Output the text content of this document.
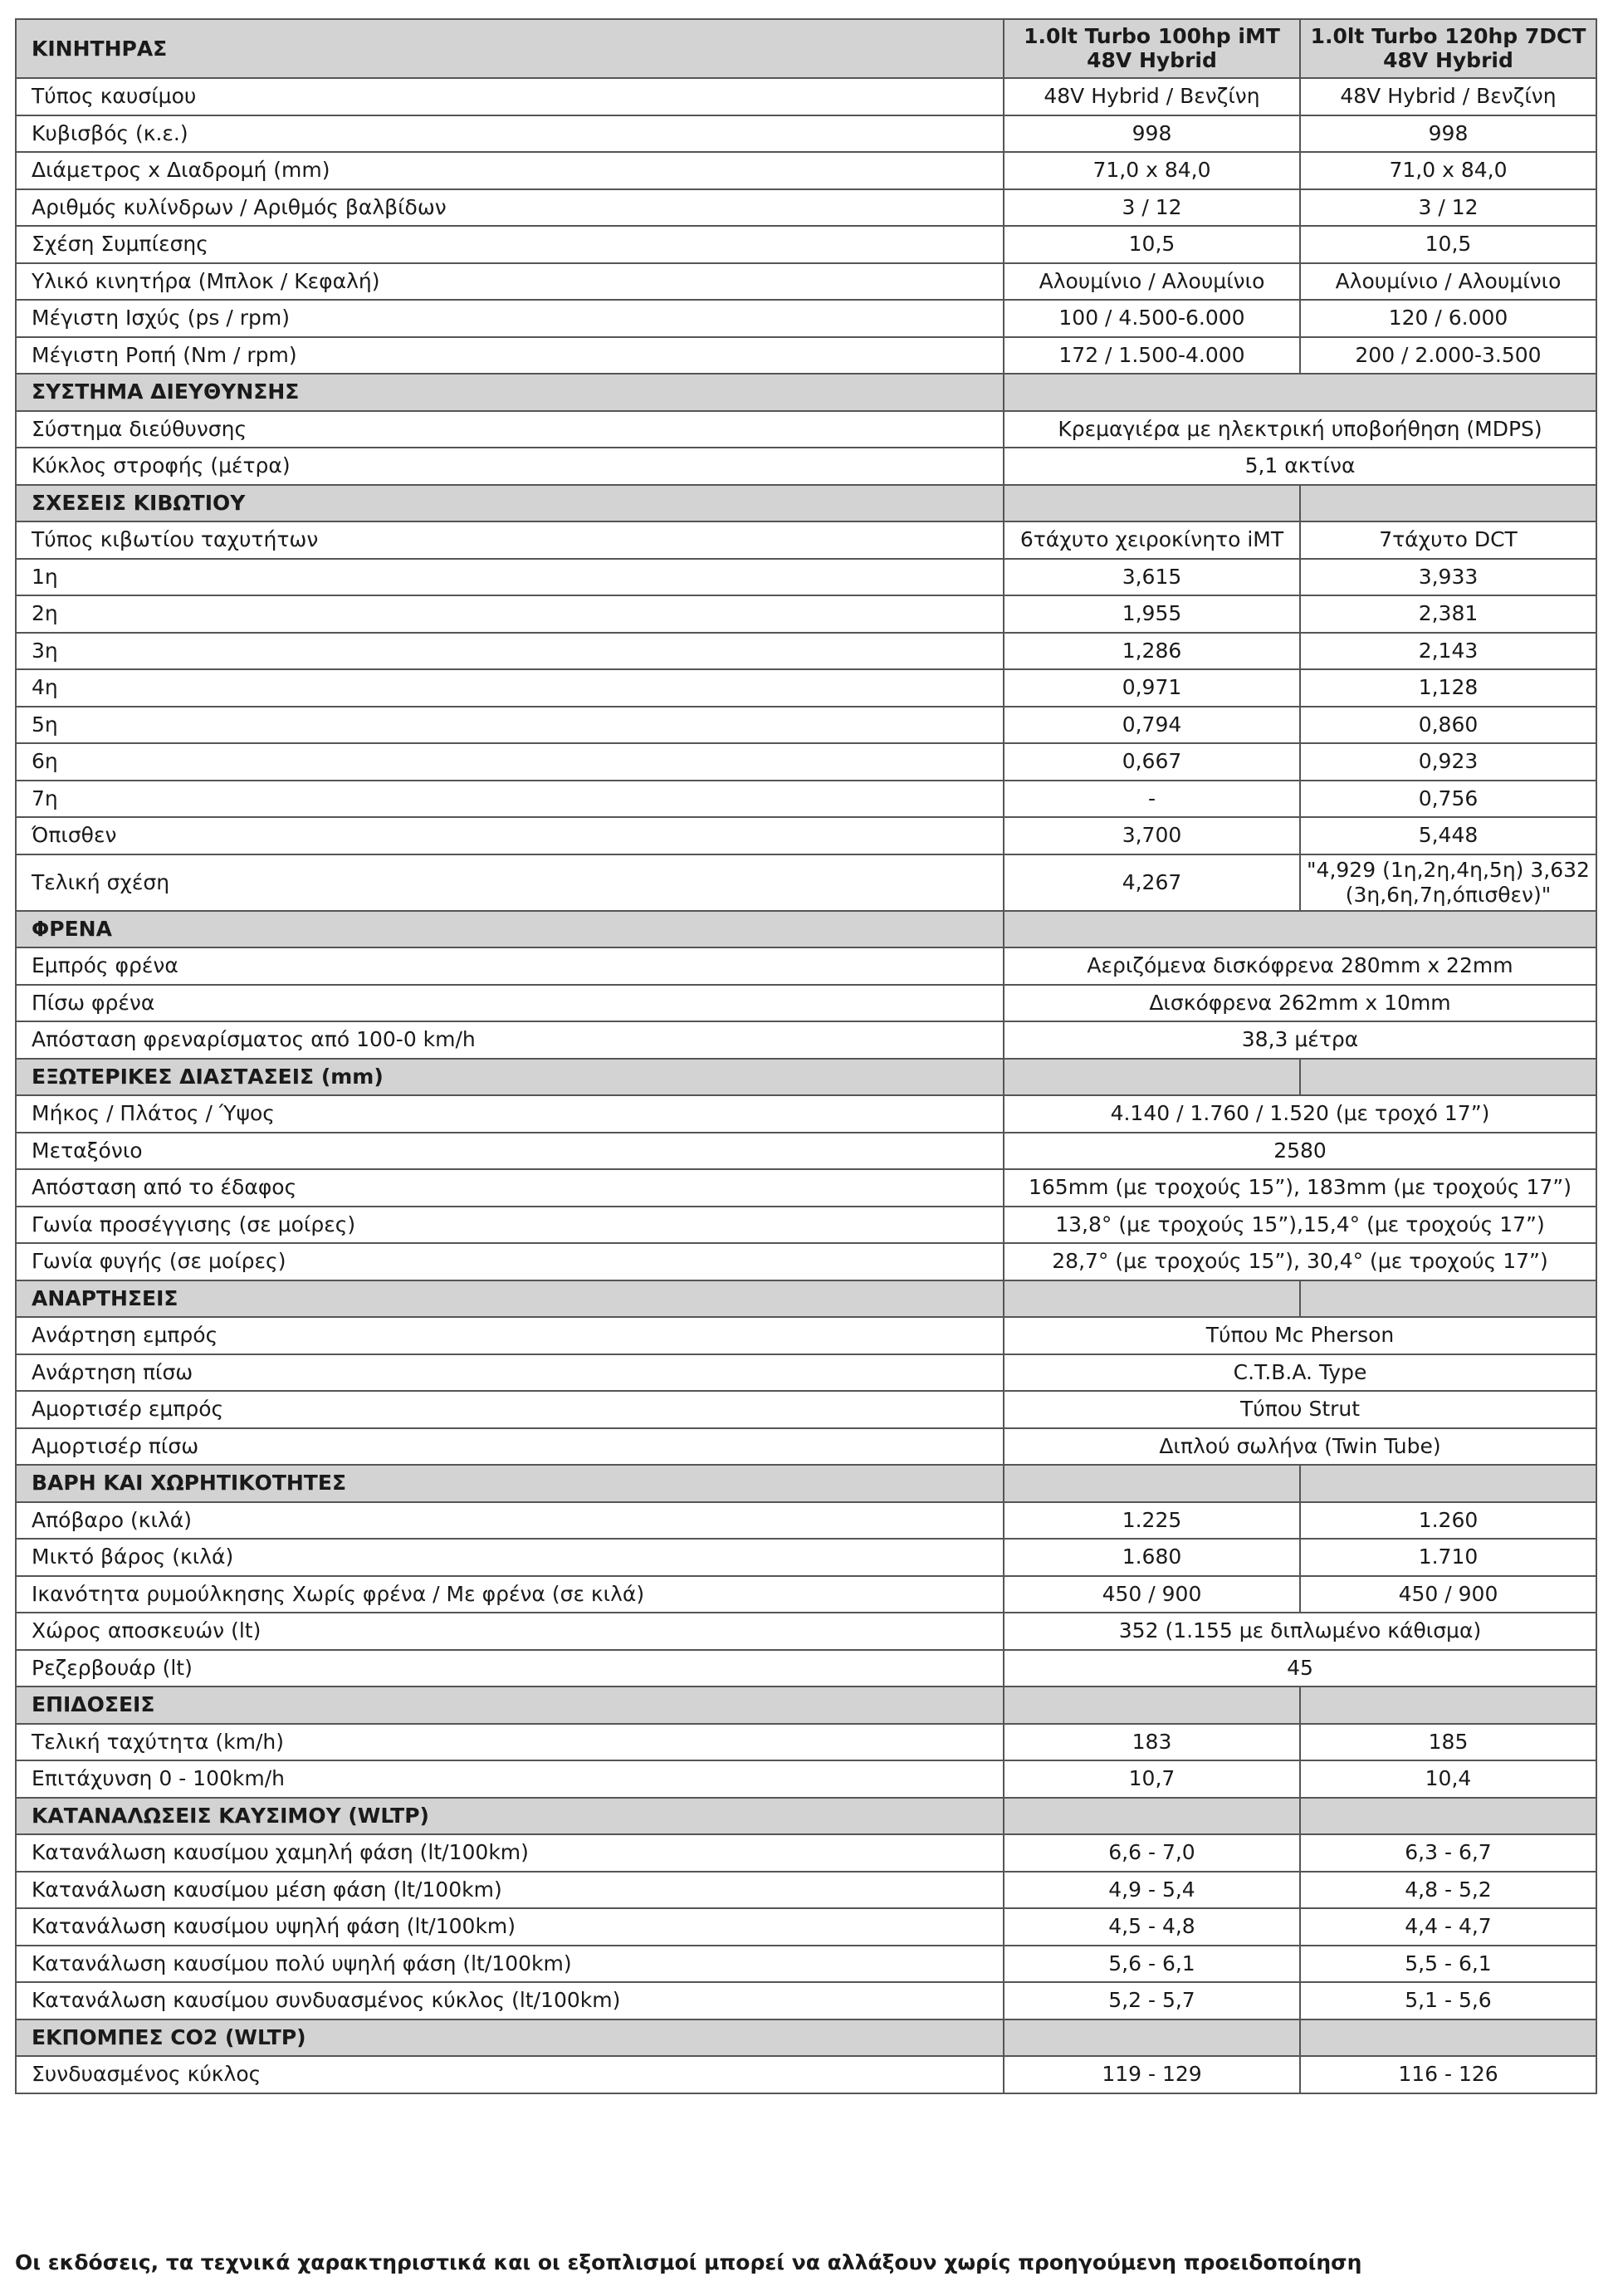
ΚΙΝΗΤΗΡΑΣ	1.0lt Turbo 100hp iMT 48V Hybrid	1.0lt Turbo 120hp 7DCT 48V Hybrid
Τύπος καυσίμου	48V Hybrid / Βενζίνη	48V Hybrid / Βενζίνη
Κυβισβός (κ.ε.)	998	998
Διάμετρος x Διαδρομή (mm)	71,0 x 84,0	71,0 x 84,0
Αριθμός κυλίνδρων / Αριθμός βαλβίδων	3 / 12	3 / 12
Σχέση Συμπίεσης	10,5	10,5
Υλικό κινητήρα (Μπλοκ / Κεφαλή)	Αλουμίνιο / Αλουμίνιο	Αλουμίνιο / Αλουμίνιο
Μέγιστη Ισχύς (ps / rpm)	100 / 4.500-6.000	120 / 6.000
Μέγιστη Ροπή (Nm / rpm)	172 / 1.500-4.000	200 / 2.000-3.500
ΣΥΣΤΗΜΑ ΔΙΕΥΘΥΝΣΗΣ		
Σύστημα διεύθυνσης	Κρεμαγιέρα με ηλεκτρική υποβοήθηση (MDPS)	
Κύκλος στροφής (μέτρα)	5,1 ακτίνα	
ΣΧΕΣΕΙΣ ΚΙΒΩΤΙΟΥ		
Τύπος κιβωτίου ταχυτήτων	6τάχυτο χειροκίνητο iMT	7τάχυτο DCT
1η	3,615	3,933
2η	1,955	2,381
3η	1,286	2,143
4η	0,971	1,128
5η	0,794	0,860
6η	0,667	0,923
7η	-	0,756
Όπισθεν	3,700	5,448
Τελική σχέση	4,267	"4,929 (1η,2η,4η,5η) 3,632 (3η,6η,7η,όπισθεν)"
ΦΡΕΝΑ		
Εμπρός φρένα	Αεριζόμενα δισκόφρενα 280mm x 22mm	
Πίσω φρένα	Δισκόφρενα 262mm x 10mm	
Απόσταση φρεναρίσματος από 100-0 km/h	38,3 μέτρα	
ΕΞΩΤΕΡΙΚΕΣ ΔΙΑΣΤΑΣΕΙΣ (mm)		
Μήκος / Πλάτος / Ύψος	4.140 / 1.760 / 1.520 (με τροχό 17”)	
Μεταξόνιο	2580	
Απόσταση από το έδαφος	165mm (με τροχούς 15”), 183mm (με τροχούς 17”)	
Γωνία προσέγγισης (σε μοίρες)	13,8° (με τροχούς 15”),15,4° (με τροχούς 17”)	
Γωνία φυγής (σε μοίρες)	28,7° (με τροχούς 15”), 30,4° (με τροχούς 17”)	
ΑΝΑΡΤΗΣΕΙΣ		
Ανάρτηση εμπρός	Τύπου Mc Pherson	
Ανάρτηση πίσω	C.T.B.A. Type	
Αμορτισέρ εμπρός	Τύπου Strut	
Αμορτισέρ πίσω	Διπλού σωλήνα (Twin Tube)	
ΒΑΡΗ ΚΑΙ ΧΩΡΗΤΙΚΟΤΗΤΕΣ		
Απόβαρο (κιλά)	1.225	1.260
Μικτό βάρος (κιλά)	1.680	1.710
Ικανότητα ρυμούλκησης Χωρίς φρένα / Με φρένα (σε κιλά)	450 / 900	450 / 900
Χώρος αποσκευών (lt)	352 (1.155 με διπλωμένο κάθισμα)	
Ρεζερβουάρ (lt)	45	
ΕΠΙΔΟΣΕΙΣ		
Τελική ταχύτητα (km/h)	183	185
Επιτάχυνση 0 - 100km/h	10,7	10,4
ΚΑΤΑΝΑΛΩΣΕΙΣ ΚΑΥΣΙΜΟΥ (WLTP)		
Κατανάλωση καυσίμου χαμηλή φάση (lt/100km)	6,6 - 7,0	6,3 - 6,7
Κατανάλωση καυσίμου μέση φάση (lt/100km)	4,9 - 5,4	4,8 - 5,2
Κατανάλωση καυσίμου υψηλή φάση (lt/100km)	4,5 - 4,8	4,4 - 4,7
Κατανάλωση καυσίμου πολύ υψηλή φάση (lt/100km)	5,6 - 6,1	5,5 - 6,1
Κατανάλωση καυσίμου συνδυασμένος κύκλος (lt/100km)	5,2 - 5,7	5,1 - 5,6
ΕΚΠΟΜΠΕΣ CO2 (WLTP)		
Συνδυασμένος κύκλος	119 - 129	116 - 126

Οι εκδόσεις, τα τεχνικά χαρακτηριστικά και οι εξοπλισμοί μπορεί να αλλάξουν χωρίς προηγούμενη προειδοποίηση
